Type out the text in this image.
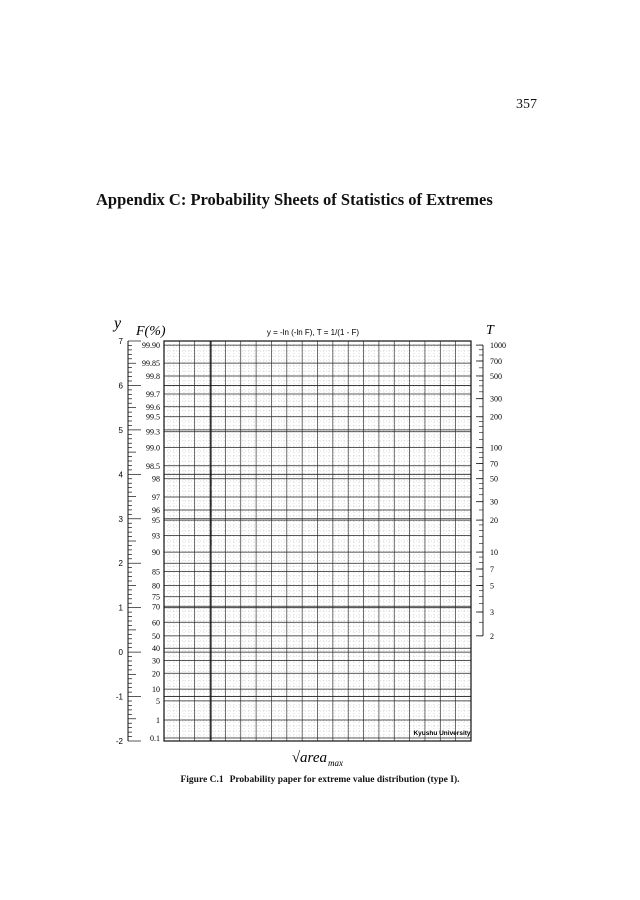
357
Appendix C: Probability Sheets of Statistics of Extremes
7
6
5
4
3
2
1
0
-1
-2
99.90
99.85
99.8
99.7
99.6
99.5
99.3
99.0
98.5
98
97
96
95
93
90
85
80
75
70
60
50
40
30
20
10
5
1
0.1
1000
700
500
300
200
100
70
50
30
20
10
7
5
3
2
y F(%)	y = -ln (-ln F), T = 1/(1 - F)	T
Kyushu University
√area max
Figure C.1 Probability paper for extreme value distribution (type I).
